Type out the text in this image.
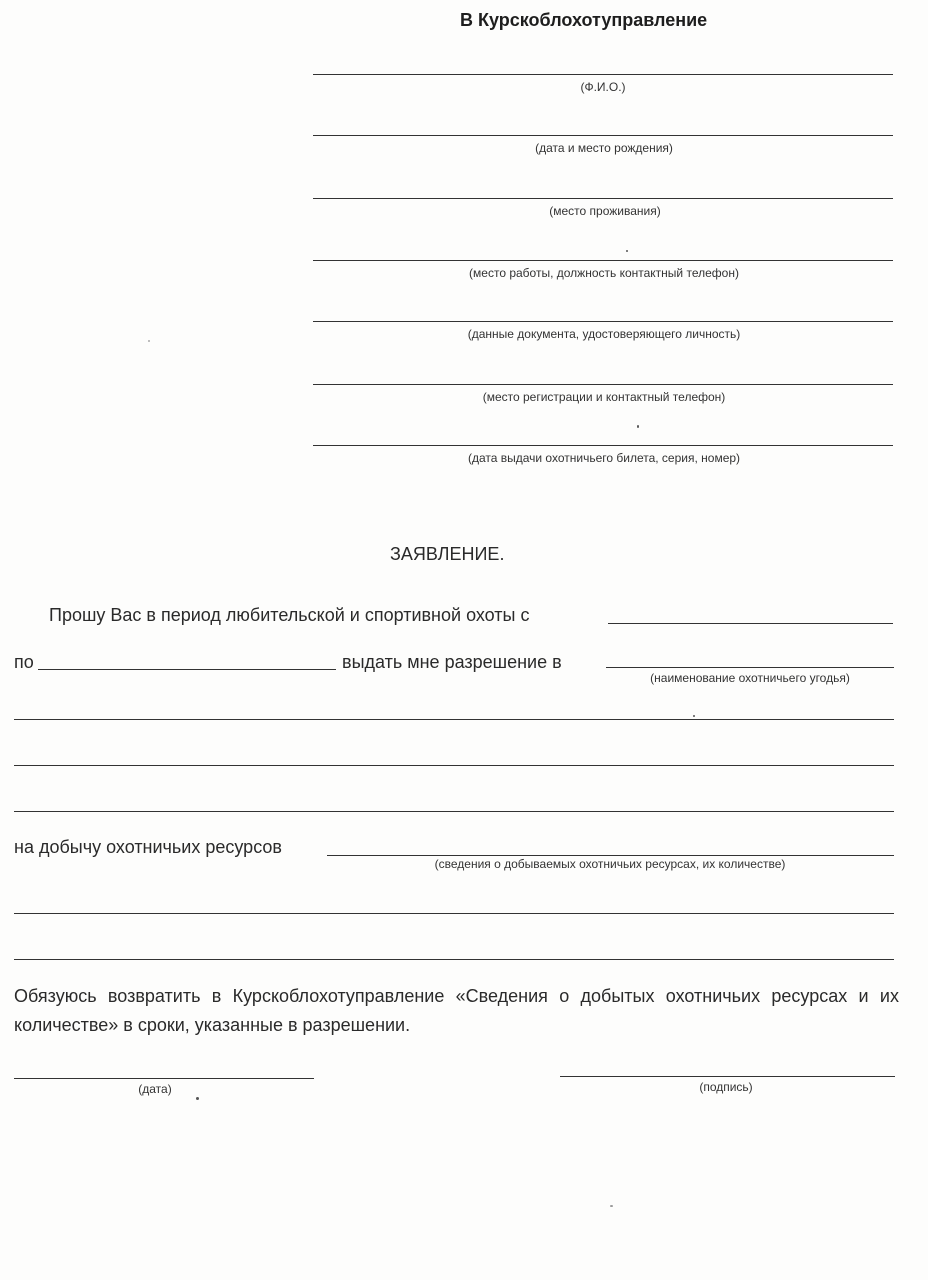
В Курскоблохотуправление
(Ф.И.О.)
(дата и место рождения)
(место проживания)
(место работы, должность контактный телефон)
(данные документа, удостоверяющего личность)
(место регистрации и контактный телефон)
(дата выдачи охотничьего билета, серия, номер)
ЗАЯВЛЕНИЕ.
Прошу Вас в период любительской и спортивной охоты с
по	выдать мне разрешение в
(наименование охотничьего угодья)
на добычу охотничьих ресурсов
(сведения о добываемых охотничьих ресурсах, их количестве)
Обязуюсь возвратить в Курскоблохотуправление «Сведения о добытых охотничьих ресурсах и их количестве» в сроки, указанные в разрешении.
(дата)	(подпись)
